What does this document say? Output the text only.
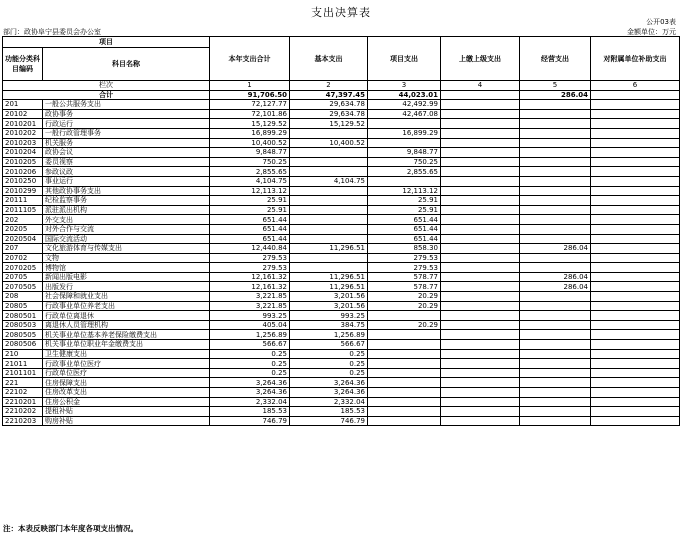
支出决算表
公开03表
部门：政协阜宁县委员会办公室	金额单位：万元
项目		本年支出合计	基本支出	项目支出	上缴上级支出	经营支出	对附属单位补助支出
功能分类科目编码	科目名称						

栏次		1	2	3	4	5	6
合计		91,706.50	47,397.45	44,023.01		286.04	
201	一般公共服务支出	72,127.77	29,634.78	42,492.99			
20102	政协事务	72,101.86	29,634.78	42,467.08			
2010201	行政运行	15,129.52	15,129.52				
2010202	一般行政管理事务	16,899.29		16,899.29			
2010203	机关服务	10,400.52	10,400.52				
2010204	政协会议	9,848.77		9,848.77			
2010205	委员视察	750.25		750.25			
2010206	参政议政	2,855.65		2,855.65			
2010250	事业运行	4,104.75	4,104.75				
2010299	其他政协事务支出	12,113.12		12,113.12			
20111	纪检监察事务	25.91		25.91			
2011105	派驻派出机构	25.91		25.91			
202	外交支出	651.44		651.44			
20205	对外合作与交流	651.44		651.44			
2020504	国际交流活动	651.44		651.44			
207	文化旅游体育与传媒支出	12,440.84	11,296.51	858.30		286.04	
20702	文物	279.53		279.53			
2070205	博物馆	279.53		279.53			
20705	新闻出版电影	12,161.32	11,296.51	578.77		286.04	
2070505	出版发行	12,161.32	11,296.51	578.77		286.04	
208	社会保障和就业支出	3,221.85	3,201.56	20.29			
20805	行政事业单位养老支出	3,221.85	3,201.56	20.29			
2080501	行政单位离退休	993.25	993.25				
2080503	离退休人员管理机构	405.04	384.75	20.29			
2080505	机关事业单位基本养老保险缴费支出	1,256.89	1,256.89				
2080506	机关事业单位职业年金缴费支出	566.67	566.67				
210	卫生健康支出	0.25	0.25				
21011	行政事业单位医疗	0.25	0.25				
2101101	行政单位医疗	0.25	0.25				
221	住房保障支出	3,264.36	3,264.36				
22102	住房改革支出	3,264.36	3,264.36				
2210201	住房公积金	2,332.04	2,332.04				
2210202	提租补贴	185.53	185.53				
2210203	购房补贴	746.79	746.79				
注：本表反映部门本年度各项支出情况。
